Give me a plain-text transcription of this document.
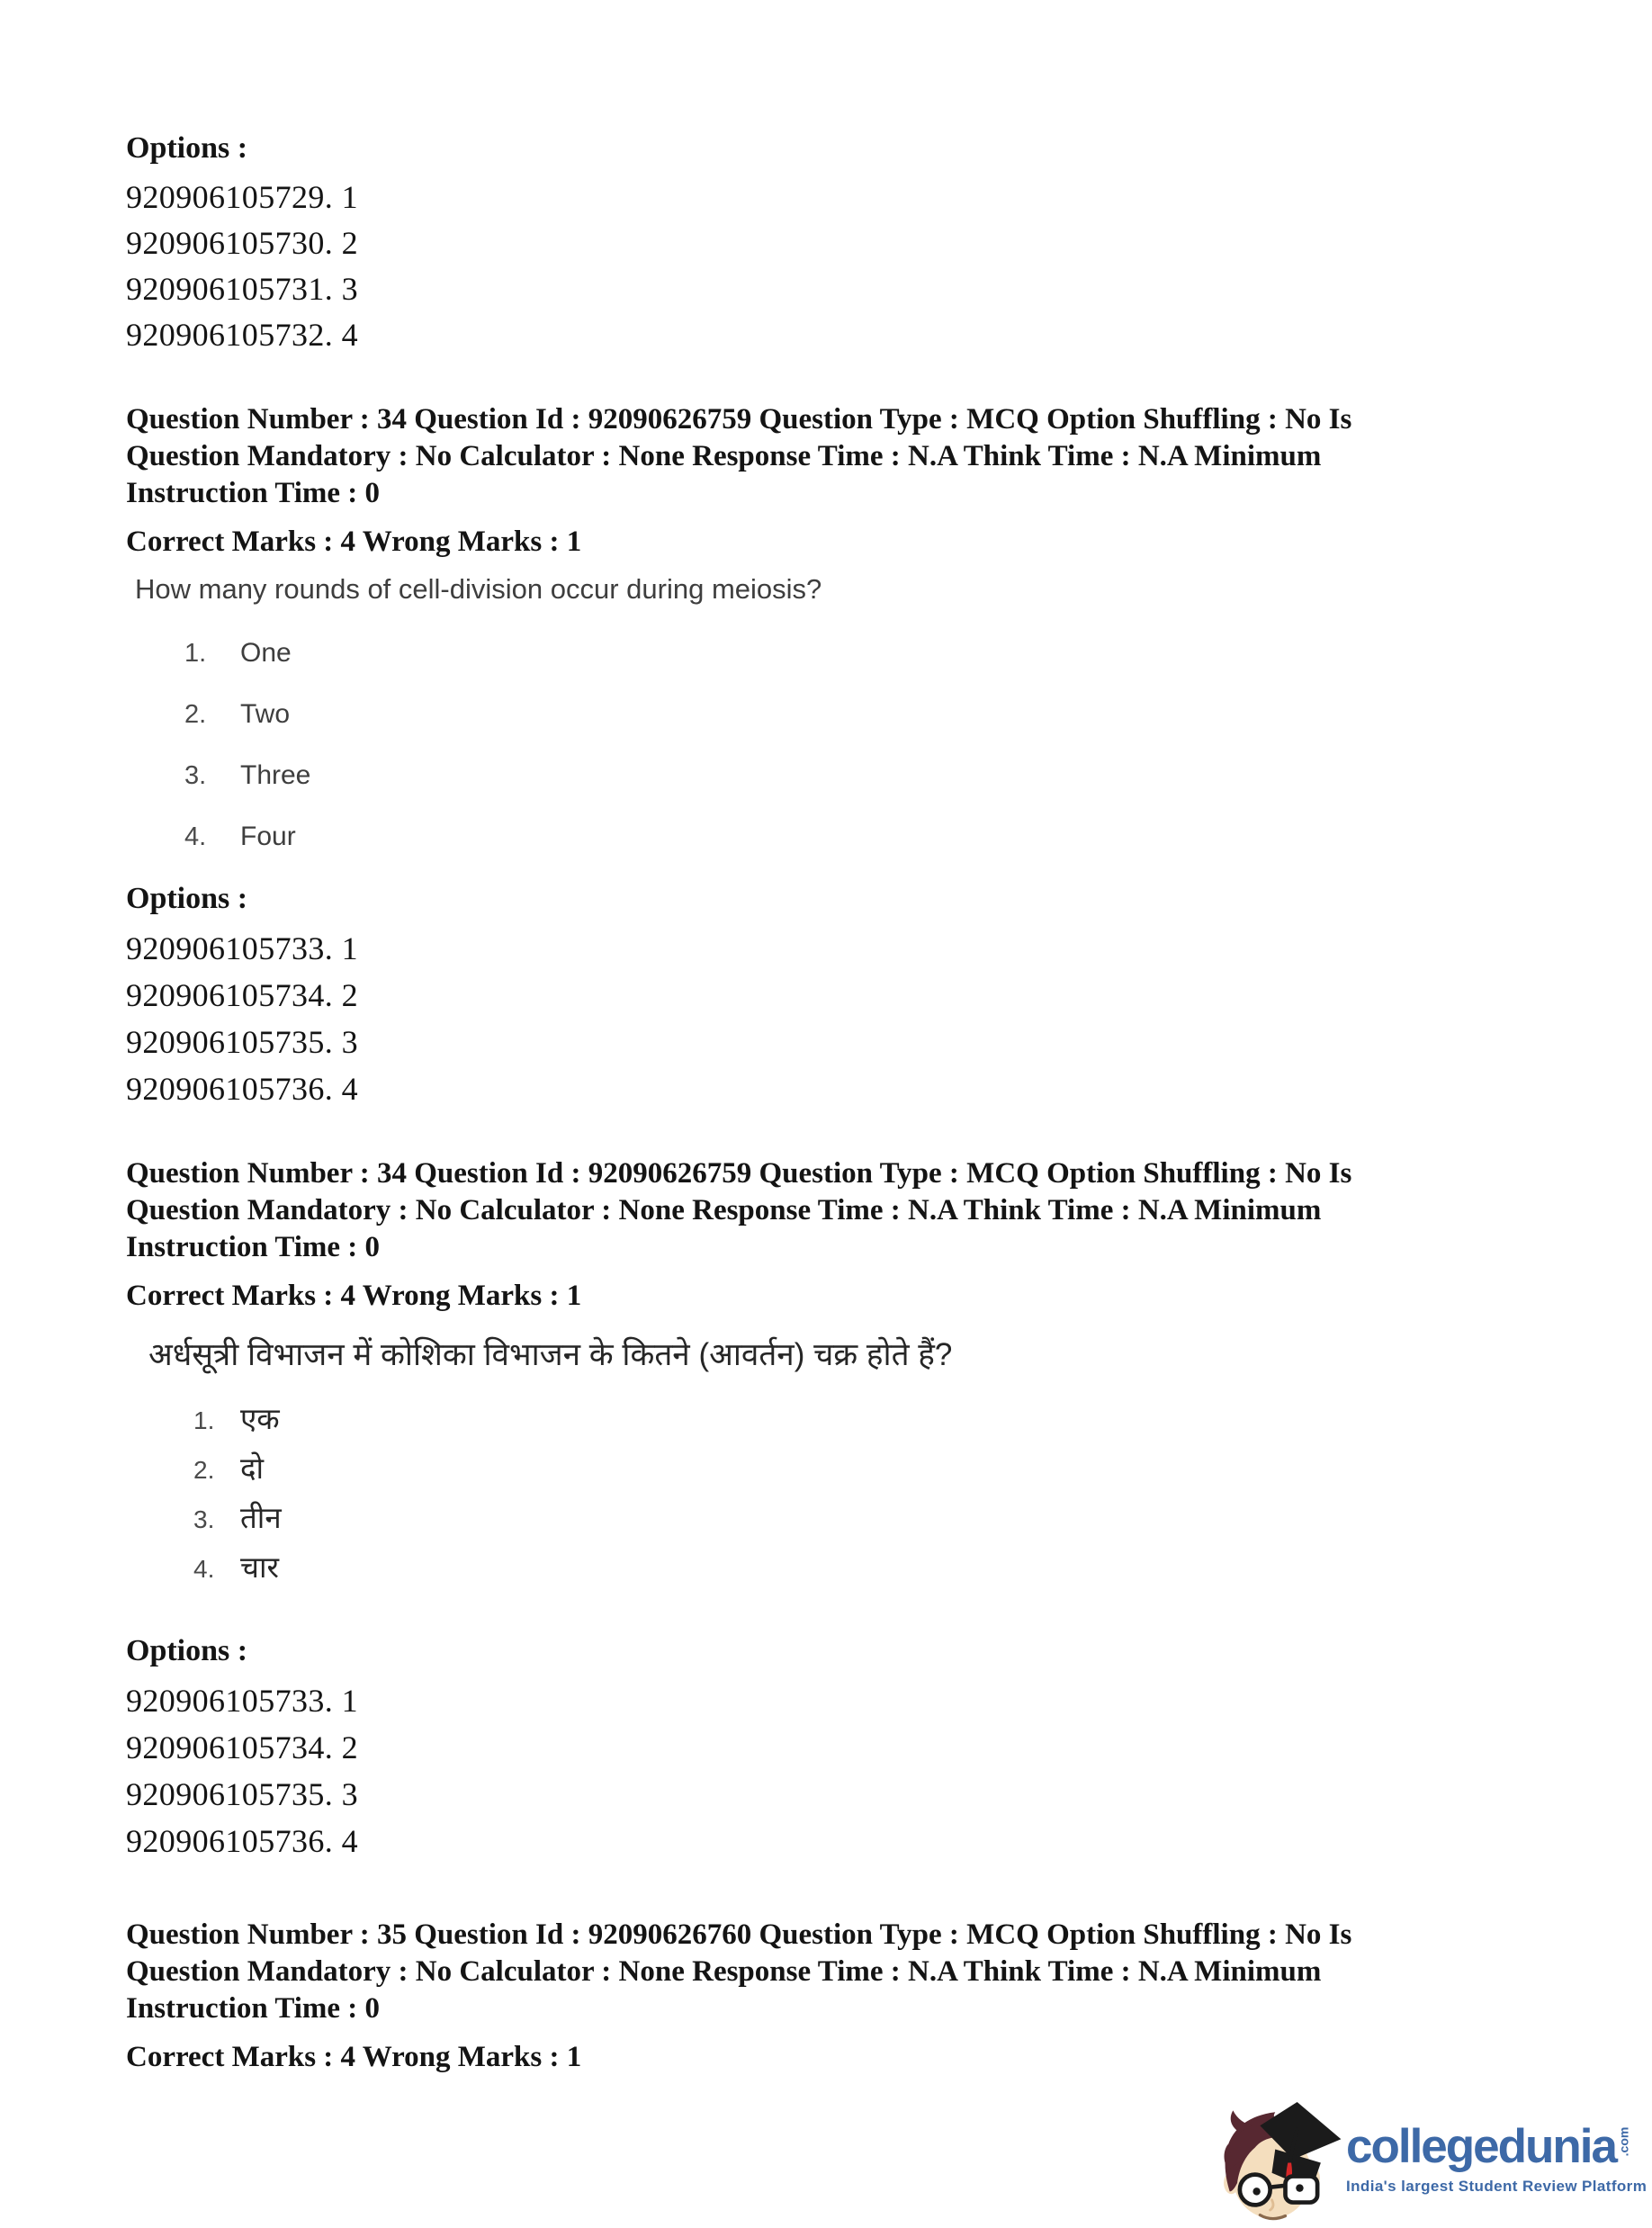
Options :
920906105729. 1
920906105730. 2
920906105731. 3
920906105732. 4
Question Number : 34 Question Id : 92090626759 Question Type : MCQ Option Shuffling : No Is
Question Mandatory : No Calculator : None Response Time : N.A Think Time : N.A Minimum
Instruction Time : 0
Correct Marks : 4 Wrong Marks : 1
How many rounds of cell-division occur during meiosis?
1.	One
2.	Two
3.	Three
4.	Four
Options :
920906105733. 1
920906105734. 2
920906105735. 3
920906105736. 4
Question Number : 34 Question Id : 92090626759 Question Type : MCQ Option Shuffling : No Is
Question Mandatory : No Calculator : None Response Time : N.A Think Time : N.A Minimum
Instruction Time : 0
Correct Marks : 4 Wrong Marks : 1
अर्धसूत्री विभाजन में कोशिका विभाजन के कितने (आवर्तन) चक्र होते हैं?
1. एक
2. दो
3. तीन
4. चार
Options :
920906105733. 1
920906105734. 2
920906105735. 3
920906105736. 4
Question Number : 35 Question Id : 92090626760 Question Type : MCQ Option Shuffling : No Is
Question Mandatory : No Calculator : None Response Time : N.A Think Time : N.A Minimum
Instruction Time : 0
Correct Marks : 4 Wrong Marks : 1
collegedunia .com
India's largest Student Review Platform
